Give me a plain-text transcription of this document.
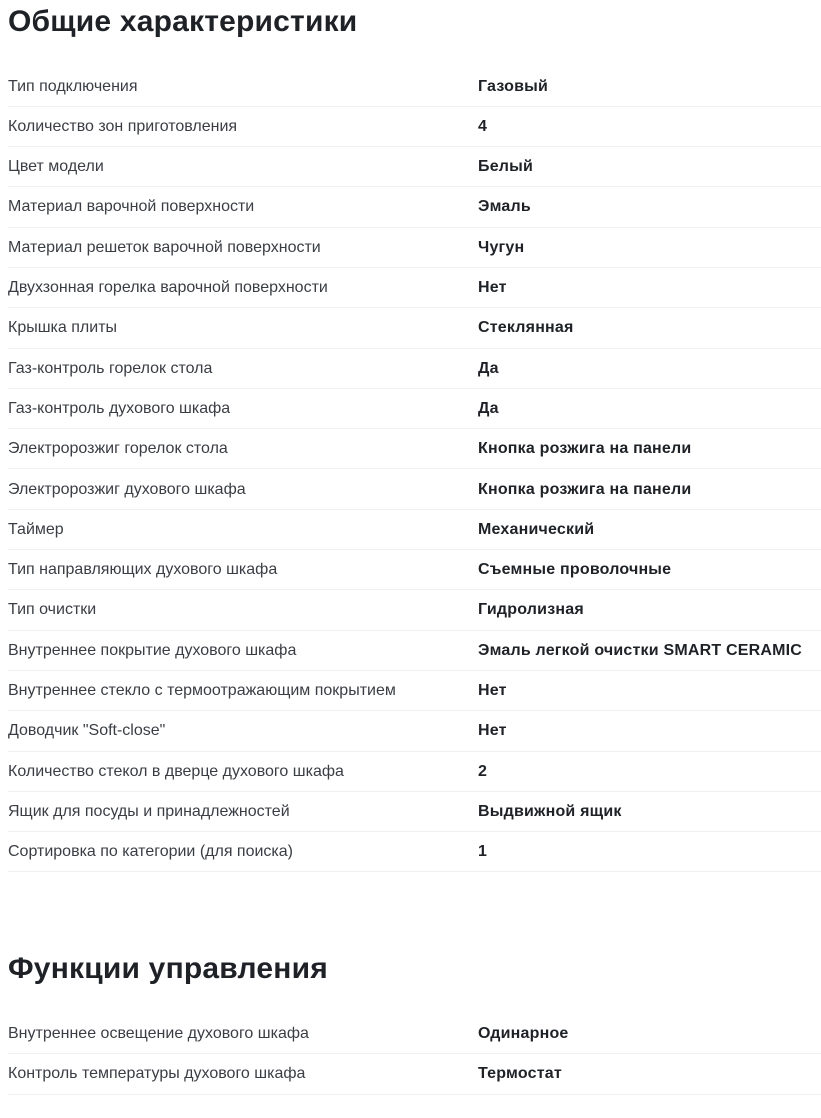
Общие характеристики
Тип подключения	Газовый
Количество зон приготовления	4
Цвет модели	Белый
Материал варочной поверхности	Эмаль
Материал решеток варочной поверхности	Чугун
Двухзонная горелка варочной поверхности	Нет
Крышка плиты	Стеклянная
Газ-контроль горелок стола	Да
Газ-контроль духового шкафа	Да
Электророзжиг горелок стола	Кнопка розжига на панели
Электророзжиг духового шкафа	Кнопка розжига на панели
Таймер	Механический
Тип направляющих духового шкафа	Съемные проволочные
Тип очистки	Гидролизная
Внутреннее покрытие духового шкафа	Эмаль легкой очистки SMART CERAMIC
Внутреннее стекло с термоотражающим покрытием	Нет
Доводчик "Soft-close"	Нет
Количество стекол в дверце духового шкафа	2
Ящик для посуды и принадлежностей	Выдвижной ящик
Сортировка по категории (для поиска)	1
Функции управления
Внутреннее освещение духового шкафа	Одинарное
Контроль температуры духового шкафа	Термостат
